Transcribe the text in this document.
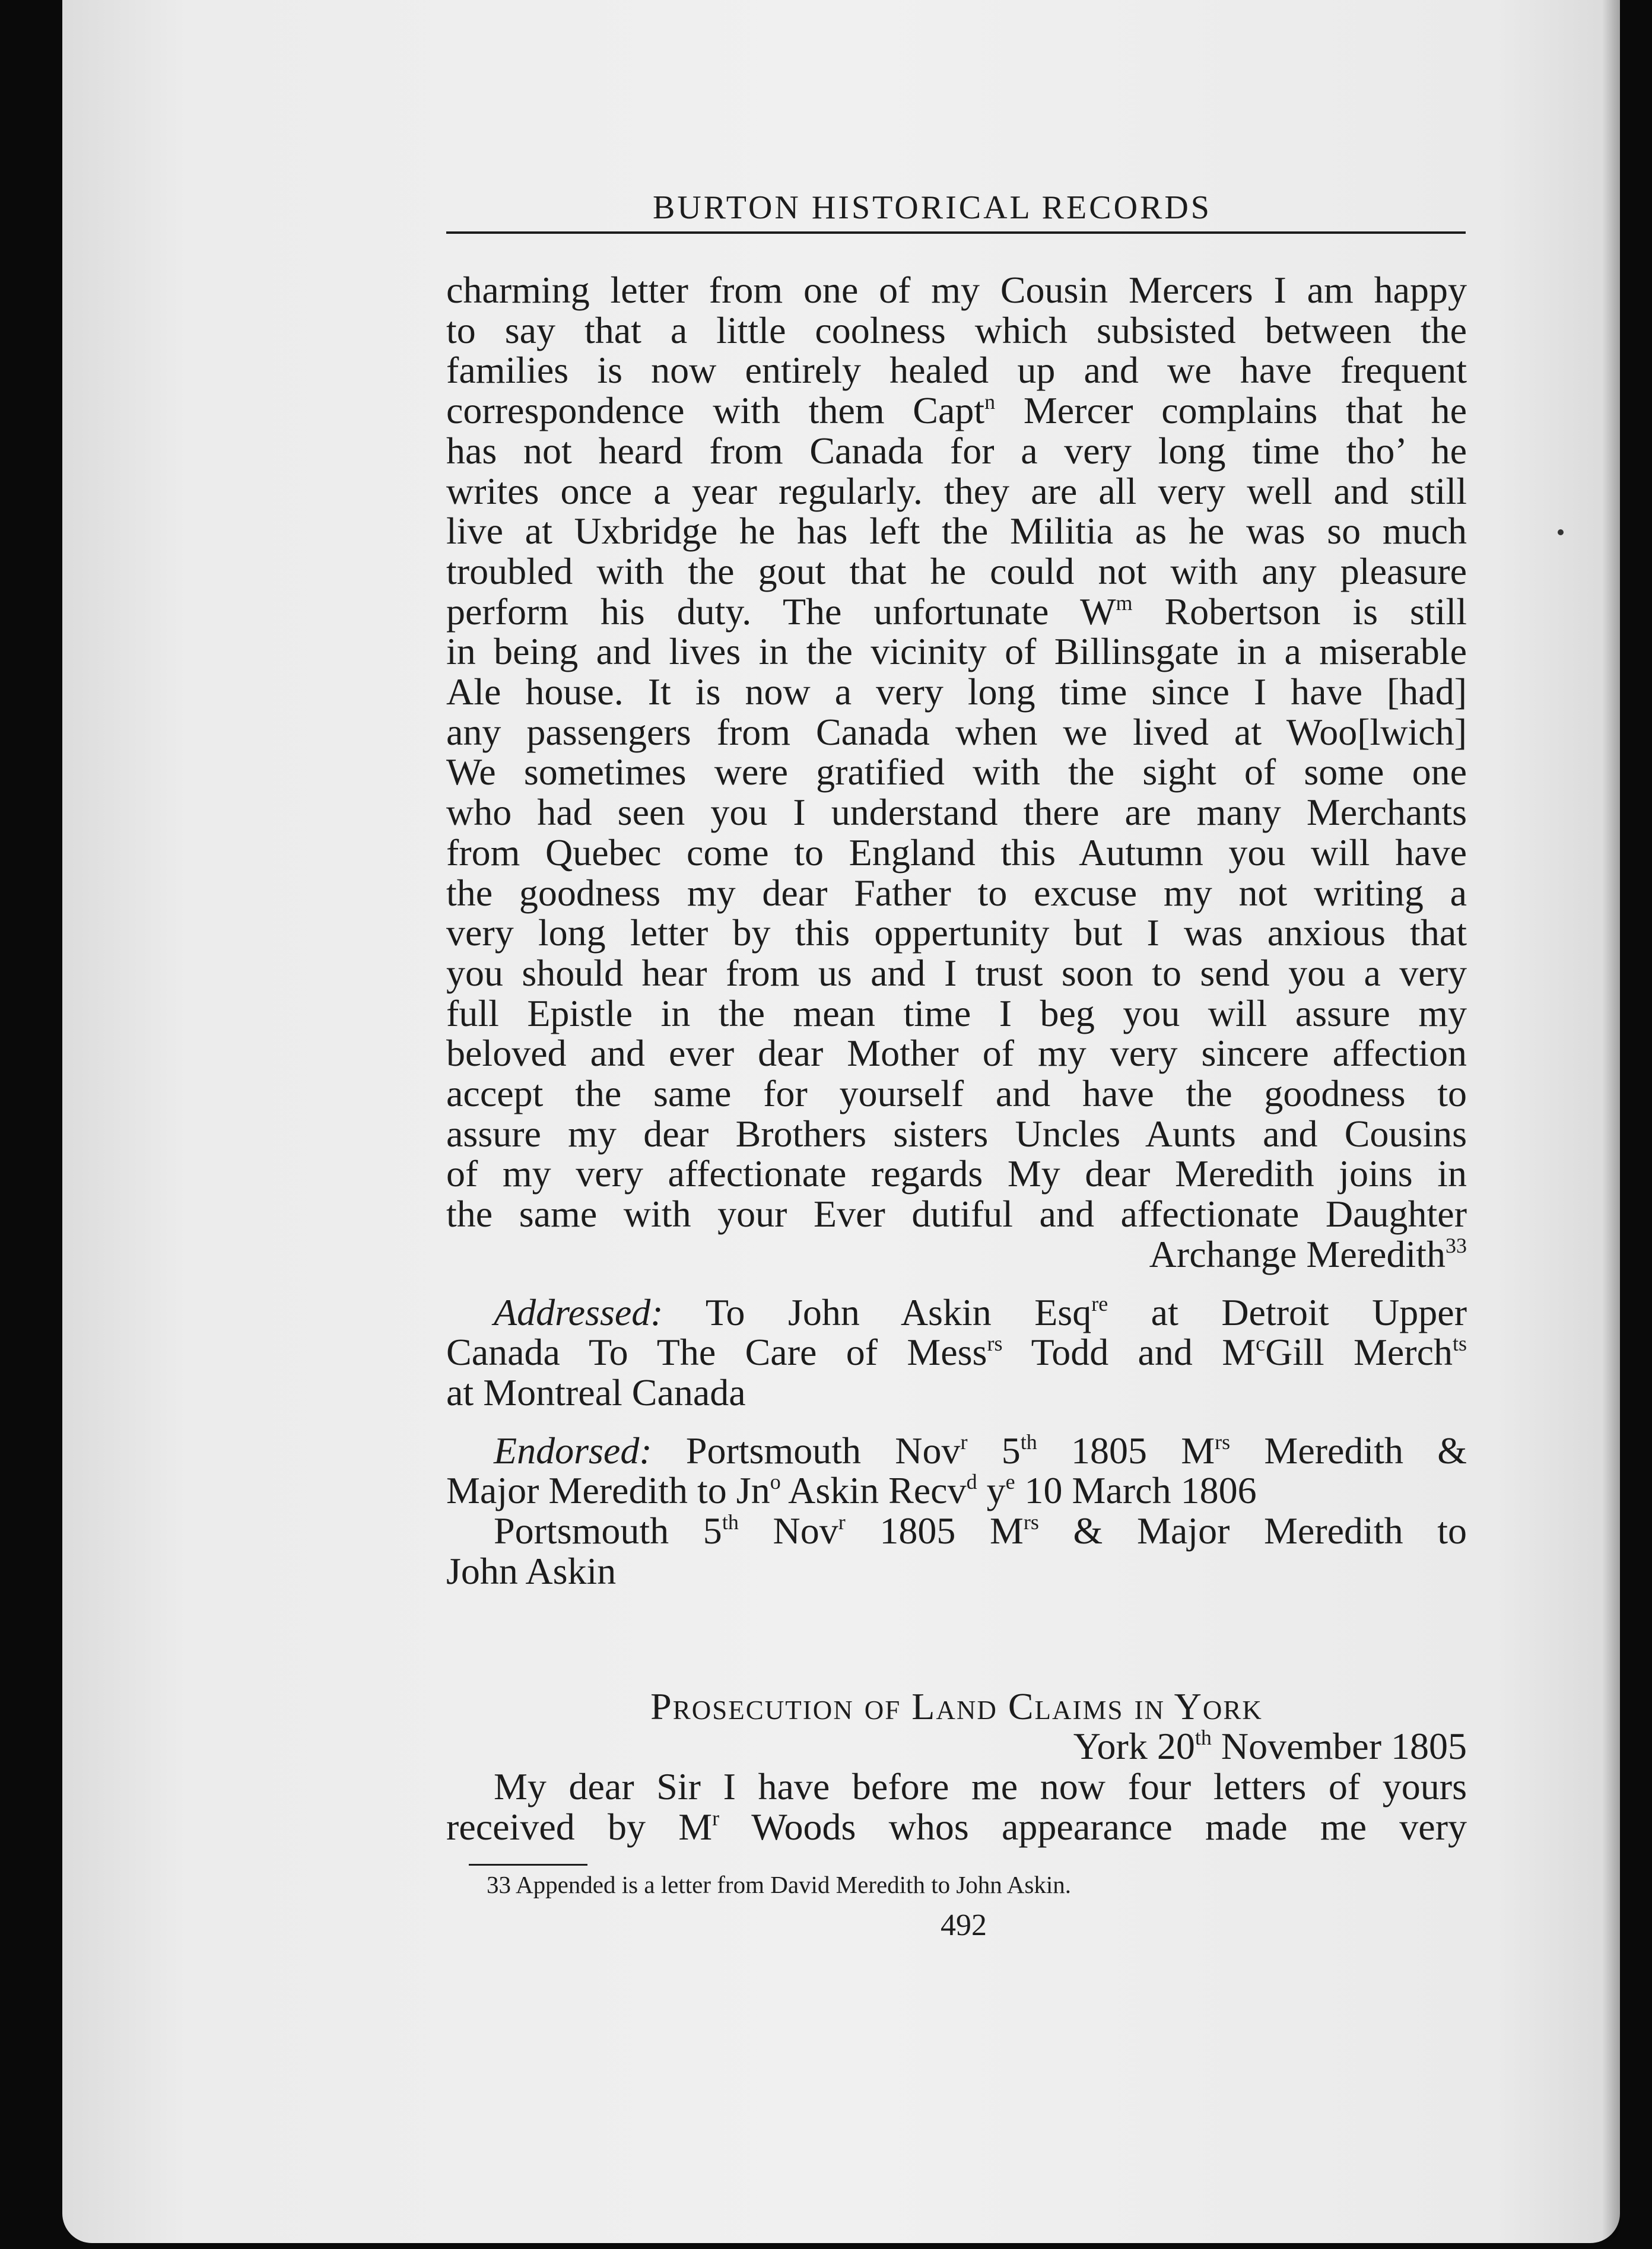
BURTON HISTORICAL RECORDS
charming letter from one of my Cousin Mercers I am happy
to say that a little coolness which subsisted between the
families is now entirely healed up and we have frequent
correspondence with them Capt$^n$ Mercer complains that he
has not heard from Canada for a very long time tho’ he
writes once a year regularly. they are all very well and still
live at Uxbridge he has left the Militia as he was so much
troubled with the gout that he could not with any pleasure
perform his duty. The unfortunate $W^m$ Robertson is still
in being and lives in the vicinity of Billinsgate in a miserable
Ale house. It is now a very long time since I have [had]
any passengers from Canada when we lived at Woo[lwich]
We sometimes were gratified with the sight of some one
who had seen you I understand there are many Merchants
from Quebec come to England this Autumn you will have
the goodness my dear Father to excuse my not writing a
very long letter by this oppertunity but I was anxious that
you should hear from us and I trust soon to send you a very
full Epistle in the mean time I beg you will assure my
beloved and ever dear Mother of my very sincere affection
accept the same for yourself and have the goodness to
assure my dear Brothers sisters Uncles Aunts and Cousins
of my very affectionate regards My dear Meredith joins in
the same with your Ever dutiful and affectionate Daughter
Archange Meredith$^{33}$
Addressed: To John Askin Esq$^{re}$ at Detroit Upper
Canada To The Care of Mess$^{rs}$ Todd and $M^cGill$ Merch$^{ts}$
at Montreal Canada
Endorsed: Portsmouth Nov$^r$ 5th 1805 $M^{rs}$ Meredith &
Major Meredith to Jn$^o$ Askin Recv$^d$ $y^e$ 10 March 1806
Portsmouth 5th Nov$^r$ 1805 $M^{rs}$ & Major Meredith to
John Askin
Prosecution of Land Claims in York
York 20th November 1805
My dear Sir I have before me now four letters of yours
received by $M^r$ Woods whos appearance made me very
33 Appended is a letter from David Meredith to John Askin.
492
